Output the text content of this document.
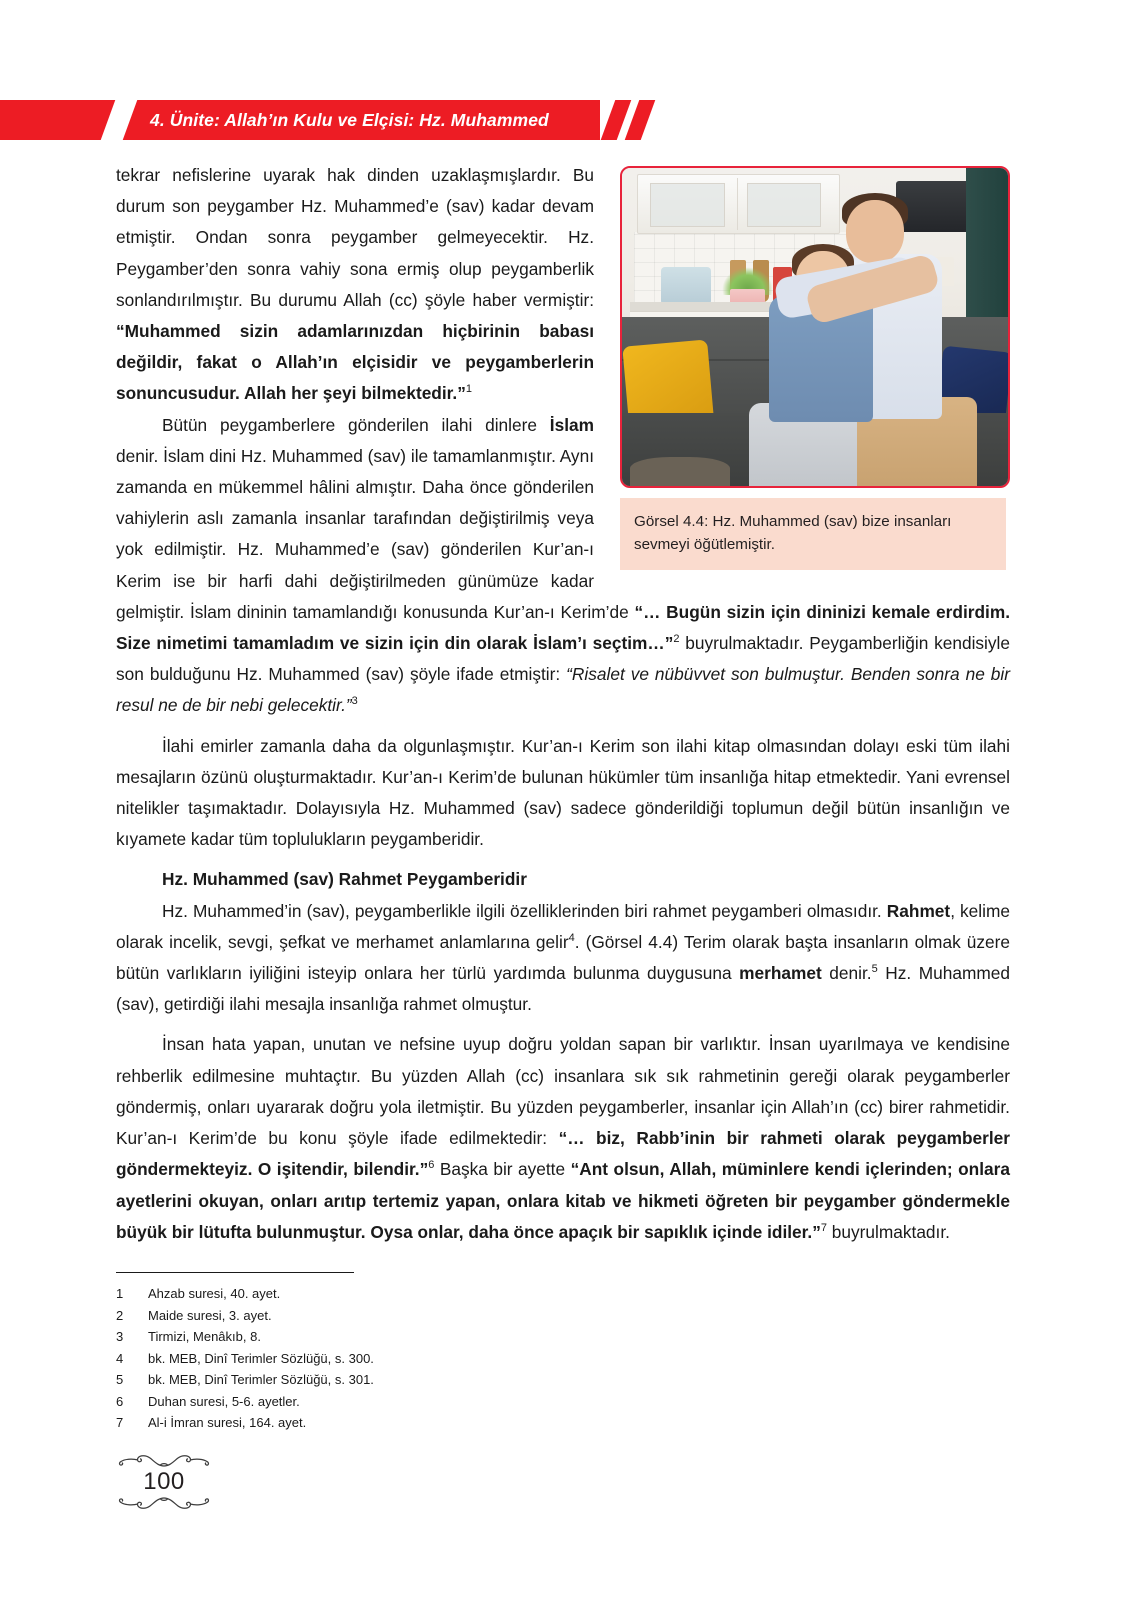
4. Ünite: Allah’ın Kulu ve Elçisi: Hz. Muhammed
Görsel 4.4: Hz. Muhammed (sav) bize insanları sevmeyi öğütlemiştir.

tekrar nefislerine uyarak hak dinden uzaklaşmışlardır. Bu durum son peygamber Hz. Muhammed’e (sav) kadar devam etmiştir. Ondan sonra peygamber gelmeyecektir. Hz. Peygamber’den sonra vahiy sona ermiş olup peygamberlik sonlandırılmıştır. Bu durumu Allah (cc) şöyle haber vermiştir: “Muhammed sizin adamlarınızdan hiçbirinin babası değildir, fakat o Allah’ın elçisidir ve peygamberlerin sonuncusudur. Allah her şeyi bilmektedir.”$^1$

Bütün peygamberlere gönderilen ilahi dinlere İslam denir. İslam dini Hz. Muhammed (sav) ile tamamlanmıştır. Aynı zamanda en mükemmel hâlini almıştır. Daha önce gönderilen vahiylerin aslı zamanla insanlar tarafından değiştirilmiş veya yok edilmiştir. Hz. Muhammed’e (sav) gönderilen Kur’an-ı Kerim ise bir harfi dahi değiştirilmeden günümüze kadar gelmiştir. İslam dininin tamamlandığı konusunda Kur’an-ı Kerim’de “… Bugün sizin için dininizi kemale erdirdim. Size nimetimi tamamladım ve sizin için din olarak İslam’ı seçtim…”$^2$ buyrulmaktadır. Peygamberliğin kendisiyle son bulduğunu Hz. Muhammed (sav) şöyle ifade etmiştir: “Risalet ve nübüvvet son bulmuştur. Benden sonra ne bir resul ne de bir nebi gelecektir.”$^3$

İlahi emirler zamanla daha da olgunlaşmıştır. Kur’an-ı Kerim son ilahi kitap olmasından dolayı eski tüm ilahi mesajların özünü oluşturmaktadır. Kur’an-ı Kerim’de bulunan hükümler tüm insanlığa hitap etmektedir. Yani evrensel nitelikler taşımaktadır. Dolayısıyla Hz. Muhammed (sav) sadece gönderildiği toplumun değil bütün insanlığın ve kıyamete kadar tüm toplulukların peygamberidir.

Hz. Muhammed (sav) Rahmet Peygamberidir

Hz. Muhammed’in (sav), peygamberlikle ilgili özelliklerinden biri rahmet peygamberi olmasıdır. Rahmet, kelime olarak incelik, sevgi, şefkat ve merhamet anlamlarına gelir$^4$. (Görsel 4.4) Terim olarak başta insanların olmak üzere bütün varlıkların iyiliğini isteyip onlara her türlü yardımda bulunma duygusuna merhamet denir.$^5$ Hz. Muhammed (sav), getirdiği ilahi mesajla insanlığa rahmet olmuştur.

İnsan hata yapan, unutan ve nefsine uyup doğru yoldan sapan bir varlıktır. İnsan uyarılmaya ve kendisine rehberlik edilmesine muhtaçtır. Bu yüzden Allah (cc) insanlara sık sık rahmetinin gereği olarak peygamberler göndermiş, onları uyararak doğru yola iletmiştir. Bu yüzden peygamberler, insanlar için Allah’ın (cc) birer rahmetidir. Kur’an-ı Kerim’de bu konu şöyle ifade edilmektedir: “… biz, Rabb’inin bir rahmeti olarak peygamberler göndermekteyiz. O işitendir, bilendir.”$^6$ Başka bir ayette “Ant olsun, Allah, müminlere kendi içlerinden; onlara ayetlerini okuyan, onları arıtıp tertemiz yapan, onlara kitab ve hikmeti öğreten bir peygamber göndermekle büyük bir lütufta bulunmuştur. Oysa onlar, daha önce apaçık bir sapıklık içinde idiler.”$^7$ buyrulmaktadır.

1	Ahzab suresi, 40. ayet.
2	Maide suresi, 3. ayet.
3	Tirmizi, Menâkıb, 8.
4	bk. MEB, Dinî Terimler Sözlüğü, s. 300.
5	bk. MEB, Dinî Terimler Sözlüğü, s. 301.
6	Duhan suresi, 5-6. ayetler.
7	Al-i İmran suresi, 164. ayet.
100
